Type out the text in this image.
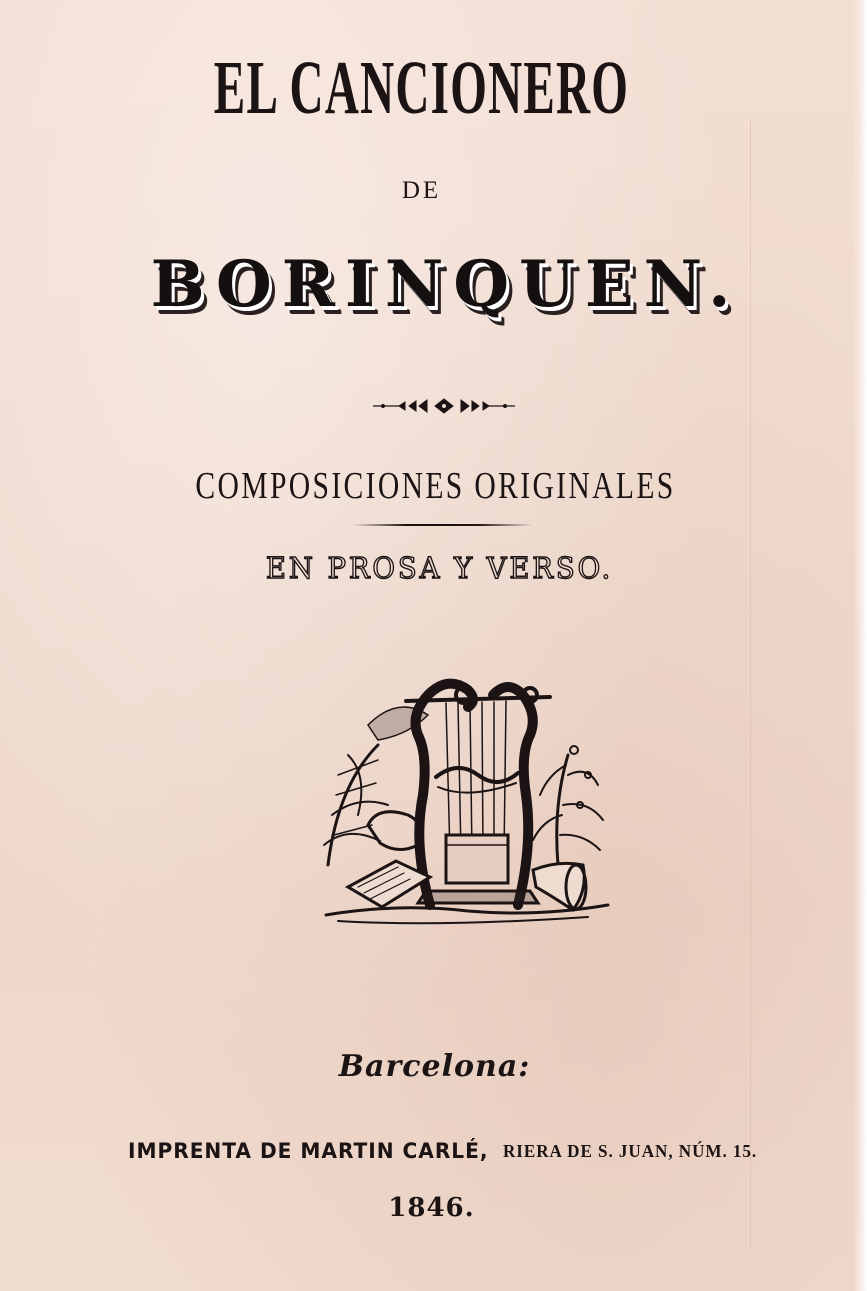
EL CANCIONERO
DE
BORINQUEN.
COMPOSICIONES ORIGINALES
EN PROSA Y VERSO.
Barcelona:
IMPRENTA DE MARTIN CARLÉ, RIERA DE S. JUAN, NÚM. 15.
1846.
